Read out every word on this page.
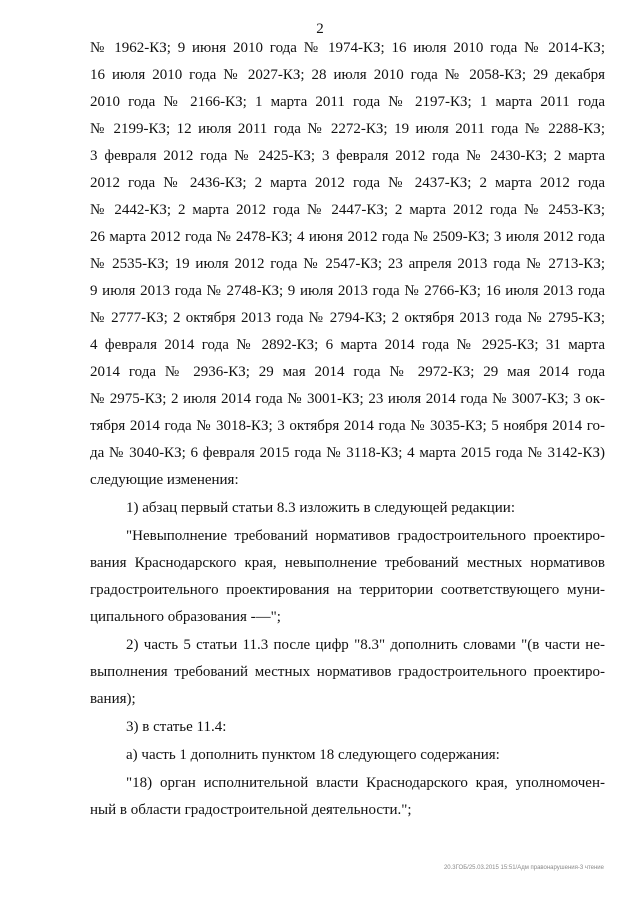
2
№ 1962-КЗ; 9 июня 2010 года № 1974-КЗ; 16 июля 2010 года № 2014-КЗ;
16 июля 2010 года № 2027-КЗ; 28 июля 2010 года № 2058-КЗ; 29 декабря
2010 года № 2166-КЗ; 1 марта 2011 года № 2197-КЗ; 1 марта 2011 года
№ 2199-КЗ; 12 июля 2011 года № 2272-КЗ; 19 июля 2011 года № 2288-КЗ;
3 февраля 2012 года № 2425-КЗ; 3 февраля 2012 года № 2430-КЗ; 2 марта
2012 года № 2436-КЗ; 2 марта 2012 года № 2437-КЗ; 2 марта 2012 года
№ 2442-КЗ; 2 марта 2012 года № 2447-КЗ; 2 марта 2012 года № 2453-КЗ;
26 марта 2012 года № 2478-КЗ; 4 июня 2012 года № 2509-КЗ; 3 июля 2012 года
№ 2535-КЗ; 19 июля 2012 года № 2547-КЗ; 23 апреля 2013 года № 2713-КЗ;
9 июля 2013 года № 2748-КЗ; 9 июля 2013 года № 2766-КЗ; 16 июля 2013 года
№ 2777-КЗ; 2 октября 2013 года № 2794-КЗ; 2 октября 2013 года № 2795-КЗ;
4 февраля 2014 года № 2892-КЗ; 6 марта 2014 года № 2925-КЗ; 31 марта
2014 года № 2936-КЗ; 29 мая 2014 года № 2972-КЗ; 29 мая 2014 года
№ 2975-КЗ; 2 июля 2014 года № 3001-КЗ; 23 июля 2014 года № 3007-КЗ; 3 ок-
тября 2014 года № 3018-КЗ; 3 октября 2014 года № 3035-КЗ; 5 ноября 2014 го-
да № 3040-КЗ; 6 февраля 2015 года № 3118-КЗ; 4 марта 2015 года № 3142-КЗ)
следующие изменения:
1) абзац первый статьи 8.3 изложить в следующей редакции:
"Невыполнение требований нормативов градостроительного проектиро-
вания Краснодарского края, невыполнение требований местных нормативов
градостроительного проектирования на территории соответствующего муни-
ципального образования -—";
2) часть 5 статьи 11.3 после цифр "8.3" дополнить словами "(в части не-
выполнения требований местных нормативов градостроительного проектиро-
вания);
3) в статье 11.4:
а) часть 1 дополнить пунктом 18 следующего содержания:
"18) орган исполнительной власти Краснодарского края, уполномочен-
ный в области градостроительной деятельности.";
20.3ГОБ/25.03.2015 15:51/Адм правонарушения-3 чтение
